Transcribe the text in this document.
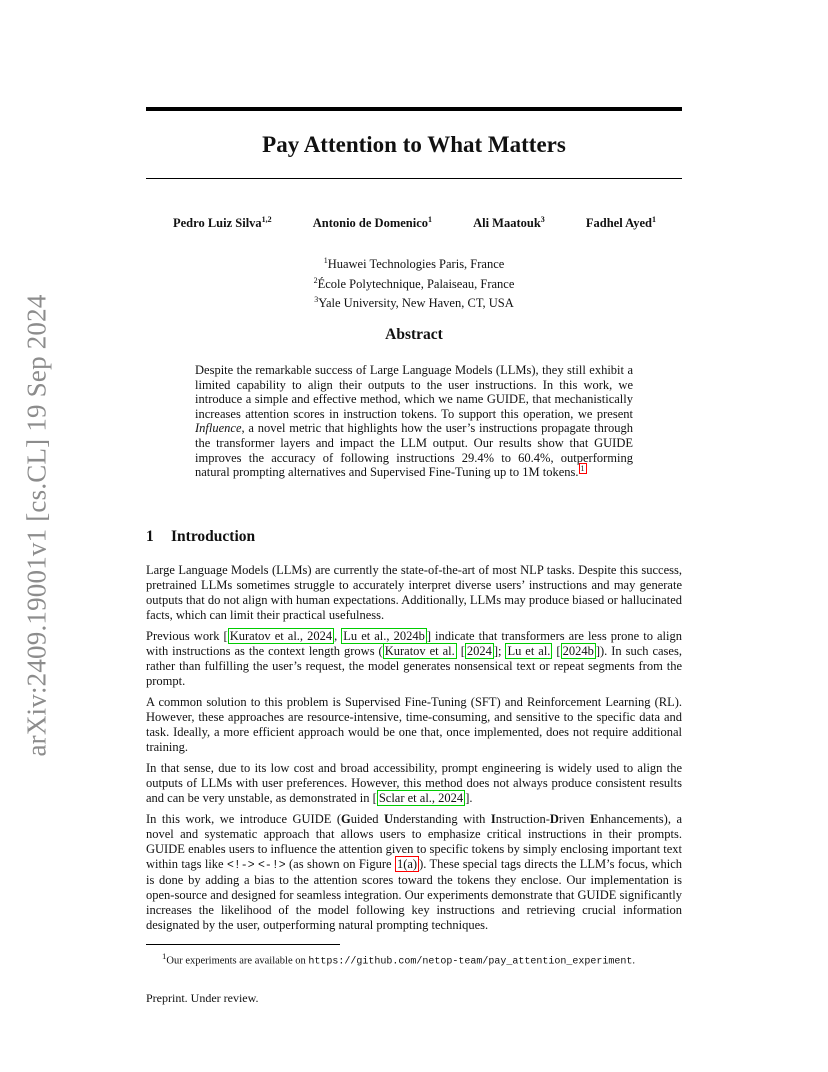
arXiv:2409.19001v1 [cs.CL] 19 Sep 2024
Pay Attention to What Matters
Pedro Luiz Silva$^{1,2}$	Antonio de Domenico$^1$	Ali Maatouk$^3$	Fadhel Ayed$^1$
$^1$Huawei Technologies Paris, France
$^2$École Polytechnique, Palaiseau, France
$^3$Yale University, New Haven, CT, USA
Abstract
Despite the remarkable success of Large Language Models (LLMs), they still exhibit a limited capability to align their outputs to the user instructions. In this work, we introduce a simple and effective method, which we name GUIDE, that mechanistically increases attention scores in instruction tokens. To support this operation, we present Influence, a novel metric that highlights how the user’s instructions propagate through the transformer layers and impact the LLM output. Our results show that GUIDE improves the accuracy of following instructions 29.4% to 60.4%, outperforming natural prompting alternatives and Supervised Fine-Tuning up to 1M tokens. $^1$
1 Introduction

Large Language Models (LLMs) are currently the state-of-the-art of most NLP tasks. Despite this success, pretrained LLMs sometimes struggle to accurately interpret diverse users’ instructions and may generate outputs that do not align with human expectations. Additionally, LLMs may produce biased or hallucinated facts, which can limit their practical usefulness.

Previous work [ Kuratov et al., 2024 , Lu et al., 2024b ] indicate that transformers are less prone to align with instructions as the context length grows ( Kuratov et al. [ 2024 ]; Lu et al. [ 2024b ]). In such cases, rather than fulfilling the user’s request, the model generates nonsensical text or repeat segments from the prompt.

A common solution to this problem is Supervised Fine-Tuning (SFT) and Reinforcement Learning (RL). However, these approaches are resource-intensive, time-consuming, and sensitive to the specific data and task. Ideally, a more efficient approach would be one that, once implemented, does not require additional training.

In that sense, due to its low cost and broad accessibility, prompt engineering is widely used to align the outputs of LLMs with user preferences. However, this method does not always produce consistent results and can be very unstable, as demonstrated in [ Sclar et al., 2024 ].

In this work, we introduce GUIDE (Guided Understanding with Instruction-Driven Enhancements), a novel and systematic approach that allows users to emphasize critical instructions in their prompts. GUIDE enables users to influence the attention given to specific tokens by simply enclosing important text within tags like <!-> <-!> (as shown on Figure 1(a) ). These special tags directs the LLM’s focus, which is done by adding a bias to the attention scores toward the tokens they enclose. Our implementation is open-source and designed for seamless integration. Our experiments demonstrate that GUIDE significantly increases the likelihood of the model following key instructions and retrieving crucial information designated by the user, outperforming natural prompting techniques.

$^1$Our experiments are available on https://github.com/netop-team/pay_attention_experiment.
Preprint. Under review.
